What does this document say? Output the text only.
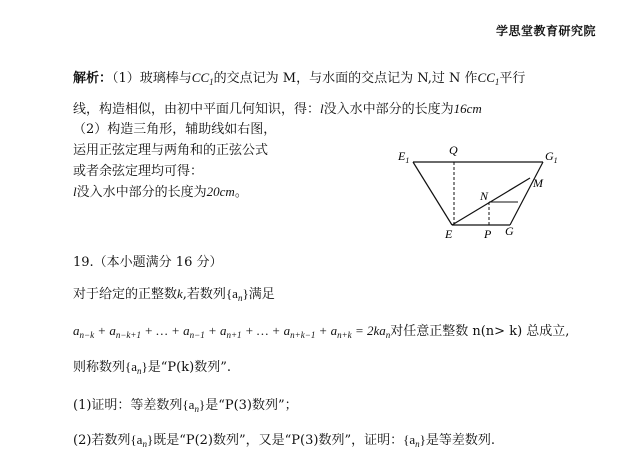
学思堂教育研究院
解析：（1）玻璃棒与$CC_1$的交点记为 M，与水面的交点记为 N,过 N 作$CC_1$平行
线，构造相似，由初中平面几何知识，得：l没入水中部分的长度为16cm
（2）构造三角形，辅助线如右图，
运用正弦定理与两角和的正弦公式
或者余弦定理均可得：
l没入水中部分的长度为20cm。
$E_1$
Q	$G_1$
N
M
E	P G
19.（本小题满分 16 分）
对于给定的正整数k,若数列$\{a_n\}$满足
$a_{n-k} + a_{n-k+1}$ + … + $a_{n-1} + a_{n+1}$ + … + $a_{n+k-1} + a_{n+k} = 2ka_n$对任意正整数 n(n> k) 总成立,
则称数列$\{a_n\}$是“P(k)数列”.
(1)证明：等差数列$\{a_n\}$是“P(3)数列”；
(2)若数列$\{a_n\}$既是“P(2)数列”，又是“P(3)数列”，证明：$\{a_n\}$是等差数列.
